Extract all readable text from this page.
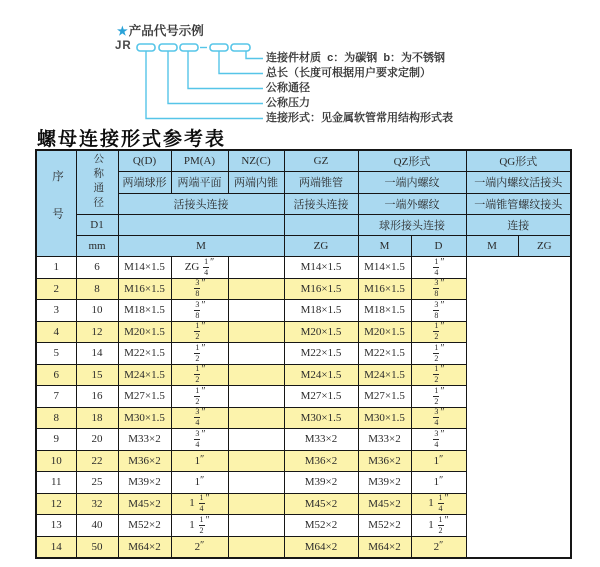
★产品代号示例
JR
连接件材质  c：为碳钢  b：为不锈钢
总长（长度可根据用户要求定制）
公称通径
公称压力
连接形式：见金属软管常用结构形式表
螺母连接形式参考表
序号	公称通径	Q(D)	PM(A)	NZ(C)	GZ	QZ形式		QG形式	
		两端球形	两端平面	两端内锥	两端锥管	一端内螺纹		一端内螺纹活接头	
		活接头连接			活接头连接	一端外螺纹		一端锥管螺纹接头	
	D1					球形接头连接		连接	
	mm	M			ZG	M	D	M	ZG
1	6	M14×1.5	ZG $\frac{1}{4}$ ″		M14×1.5	M14×1.5	$\frac{1}{4}$ ″		
2	8	M16×1.5	$\frac{3}{8}$ ″		M16×1.5	M16×1.5	$\frac{3}{8}$ ″		
3	10	M18×1.5	$\frac{3}{8}$ ″		M18×1.5	M18×1.5	$\frac{3}{8}$ ″		
4	12	M20×1.5	$\frac{1}{2}$ ″		M20×1.5	M20×1.5	$\frac{1}{2}$ ″		
5	14	M22×1.5	$\frac{1}{2}$ ″		M22×1.5	M22×1.5	$\frac{1}{2}$ ″		
6	15	M24×1.5	$\frac{1}{2}$ ″		M24×1.5	M24×1.5	$\frac{1}{2}$ ″		
7	16	M27×1.5	$\frac{1}{2}$ ″		M27×1.5	M27×1.5	$\frac{1}{2}$ ″		
8	18	M30×1.5	$\frac{3}{4}$ ″		M30×1.5	M30×1.5	$\frac{3}{4}$ ″		
9	20	M33×2	$\frac{3}{4}$ ″		M33×2	M33×2	$\frac{3}{4}$ ″		
10	22	M36×2	1″		M36×2	M36×2	1″		
11	25	M39×2	1″		M39×2	M39×2	1″		
12	32	M45×2	$1 \frac{1}{4}$ ″		M45×2	M45×2	$1 \frac{1}{4}$ ″		
13	40	M52×2	$1 \frac{1}{2}$ ″		M52×2	M52×2	$1 \frac{1}{2}$ ″		
14	50	M64×2	2″		M64×2	M64×2	2″		
